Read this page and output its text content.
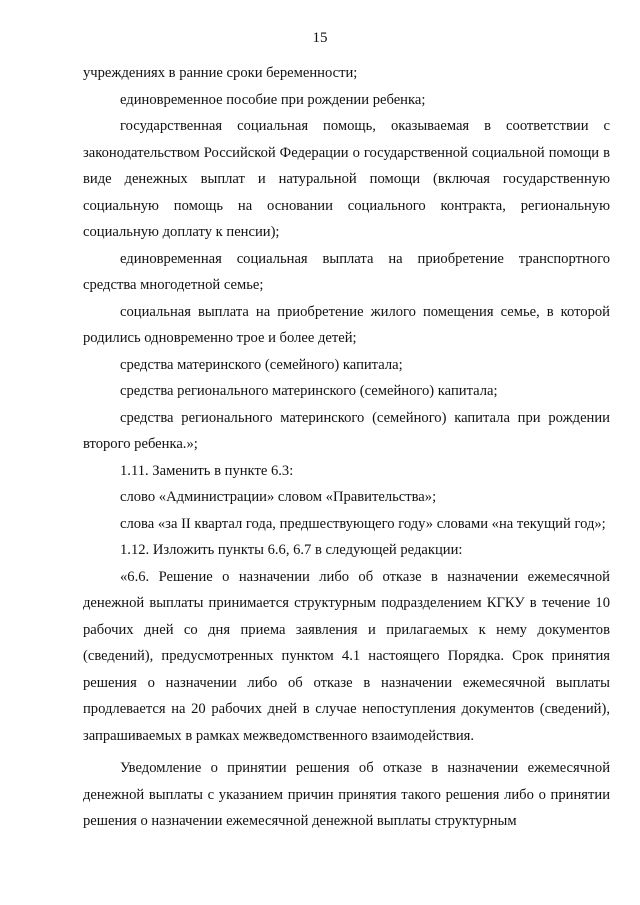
15

учреждениях в ранние сроки беременности;

единовременное пособие при рождении ребенка;

государственная социальная помощь, оказываемая в соответствии с законодательством Российской Федерации о государственной социальной помощи в виде денежных выплат и натуральной помощи (включая государственную социальную помощь на основании социального контракта, региональную социальную доплату к пенсии);

единовременная социальная выплата на приобретение транспортного средства многодетной семье;

социальная выплата на приобретение жилого помещения семье, в которой родились одновременно трое и более детей;

средства материнского (семейного) капитала;

средства регионального материнского (семейного) капитала;

средства регионального материнского (семейного) капитала при рождении второго ребенка.»;

1.11. Заменить в пункте 6.3:

слово «Администрации» словом «Правительства»;

слова «за II квартал года, предшествующего году» словами «на текущий год»;

1.12. Изложить пункты 6.6, 6.7 в следующей редакции:

«6.6. Решение о назначении либо об отказе в назначении ежемесячной денежной выплаты принимается структурным подразделением КГКУ в течение 10 рабочих дней со дня приема заявления и прилагаемых к нему документов (сведений), предусмотренных пунктом 4.1 настоящего Порядка. Срок принятия решения о назначении либо об отказе в назначении ежемесячной выплаты продлевается на 20 рабочих дней в случае непоступления документов (сведений), запрашиваемых в рамках межведомственного взаимодействия.

Уведомление о принятии решения об отказе в назначении ежемесячной денежной выплаты с указанием причин принятия такого решения либо о принятии решения о назначении ежемесячной денежной выплаты структурным
